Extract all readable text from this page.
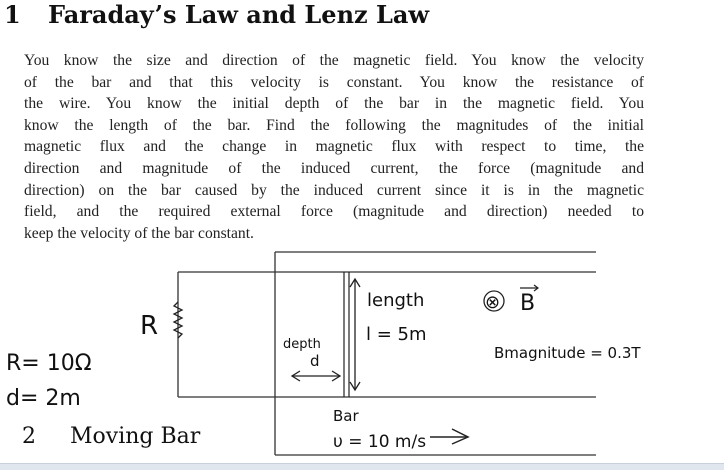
1 Faraday’s Law and Lenz Law
You know the size and direction of the magnetic field. You know the velocity
of the bar and that this velocity is constant. You know the resistance of
the wire. You know the initial depth of the bar in the magnetic field. You
know the length of the bar. Find the following the magnitudes of the initial
magnetic flux and the change in magnetic flux with respect to time, the
direction and magnitude of the induced current, the force (magnitude and
direction) on the bar caused by the induced current since it is in the magnetic
field, and the required external force (magnitude and direction) needed to
keep the velocity of the bar constant.
R
R= 10Ω
d= 2m
depth
d
length
l = 5m
⊗ B
Bmagnitude = 0.3T
Bar
υ = 10 m/s
2 Moving Bar
